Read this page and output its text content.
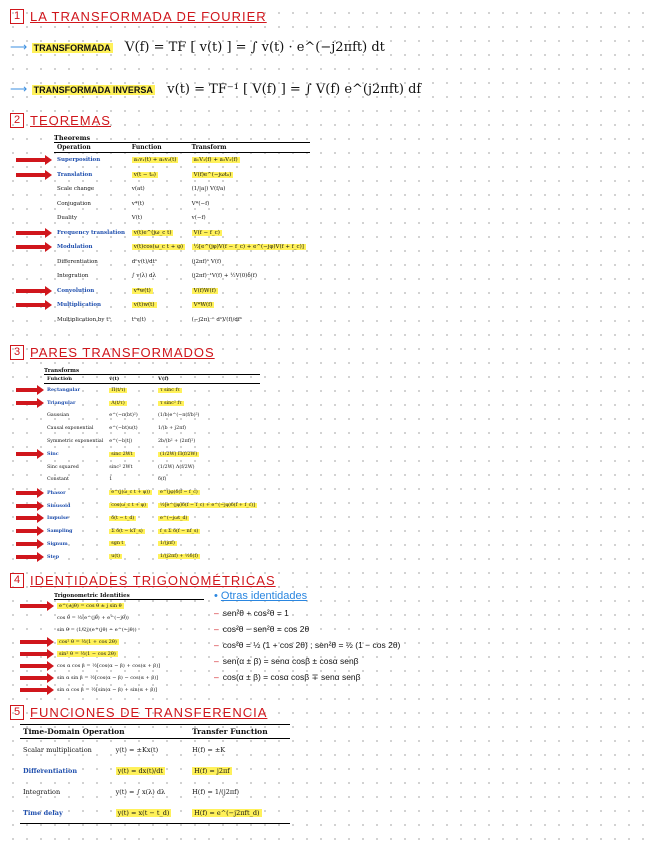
1 LA TRANSFORMADA DE FOURIER
⟶ TRANSFORMADA V(f) = TF [ v(t) ] = ∫ v(t) · e^(−j2πft) dt
⟶ TRANSFORMADA INVERSA v(t) = TF⁻¹ [ V(f) ] = ∫ V(f) e^(j2πft) df
2 TEOREMAS
Theorems
Operation	Function	Transform
Superposition	a₁v₁(t) + a₂v₂(t)	a₁V₁(f) + a₂V₂(f)
Translation	v(t − t₀)	V(f)e^(−jωt₀)
Scale change	v(at)	(1/|a|) V(f/a)
Conjugation	v*(t)	V*(−f)
Duality	V(t)	v(−f)
Frequency translation	v(t)e^(jω_c t)	V(f − f_c)
Modulation	v(t)cos(ω_c t + φ)	½[e^(jφ)V(f − f_c) + e^(−jφ)V(f + f_c)]
Differentiation	dⁿv(t)/dtⁿ	(j2πf)ⁿ V(f)
Integration	∫ v(λ) dλ	(j2πf)⁻¹V(f) + ½V(0)δ(f)
Convolution	v*w(t)	V(f)W(f)
Multiplication	v(t)w(t)	V*W(f)
Multiplication by tⁿ	tⁿv(t)	(−j2π)⁻ⁿ dⁿV(f)/dfⁿ
3 PARES TRANSFORMADOS
Transforms
Function	v(t)	V(f)
Rectangular	Π(t/τ)	τ sinc fτ
Triangular	Λ(t/τ)	τ sinc² fτ
Gaussian	e^(−π(bt)²)	(1/b)e^(−π(f/b)²)
Causal exponential	e^(−bt)u(t)	1/(b + j2πf)
Symmetric exponential	e^(−b|t|)	2b/(b² + (2πf)²)
Sinc	sinc 2Wt	(1/2W) Π(f/2W)
Sinc squared	sinc² 2Wt	(1/2W) Λ(f/2W)
Constant	1	δ(f)
Phasor	e^(j(ω_c t + φ))	e^(jφ)δ(f − f_c)
Sinusoid	cos(ω_c t + φ)	½[e^(jφ)δ(f − f_c) + e^(−jφ)δ(f + f_c)]
Impulse	δ(t − t_d)	e^(−jωt_d)
Sampling	Σ δ(t − kT_s)	f_s Σ δ(f − nf_s)
Signum	sgn t	1/(jπf)
Step	u(t)	1/(j2πf) + ½δ(f)
4 IDENTIDADES TRIGONOMÉTRICAS
Trigonometric Identities
e^(±jθ) = cos θ ± j sin θ
cos θ = ½(e^(jθ) + e^(−jθ))
sin θ = (1/2j)(e^(jθ) − e^(−jθ))
cos² θ = ½(1 + cos 2θ)
sin² θ = ½(1 − cos 2θ)
cos α cos β = ½[cos(α − β) + cos(α + β)]
sin α sin β = ½[cos(α − β) − cos(α + β)]
sin α cos β = ½[sin(α − β) + sin(α + β)]
• Otras identidades
– sen²θ + cos²θ = 1
– cos²θ − sen²θ = cos 2θ
– cos²θ = ½ (1 + cos 2θ) ; sen²θ = ½ (1 − cos 2θ)
– sen(α ± β) = senα cosβ ± cosα senβ
– cos(α ± β) = cosα cosβ ∓ senα senβ
5 FUNCIONES DE TRANSFERENCIA
Time-Domain Operation		Transfer Function
Scalar multiplication	y(t) = ±Kx(t)	H(f) = ±K
Differentiation	y(t) = dx(t)/dt	H(f) = j2πf
Integration	y(t) = ∫ x(λ) dλ	H(f) = 1/(j2πf)
Time delay	y(t) = x(t − t_d)	H(f) = e^(−j2πft_d)
